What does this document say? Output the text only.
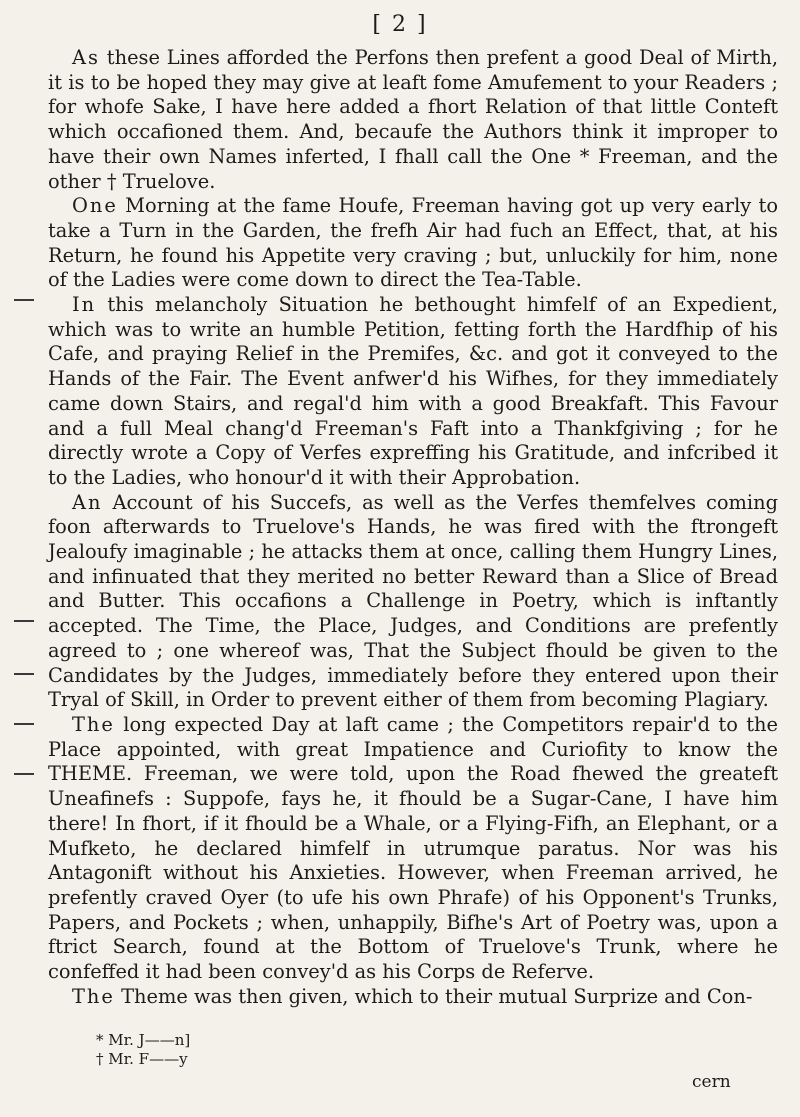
[ 2 ]

As these Lines afforded the Perfons then prefent a good Deal of Mirth, it is to be hoped they may give at leaft fome Amufement to your Readers ; for whofe Sake, I have here added a fhort Relation of that little Conteft which occafioned them. And, becaufe the Authors think it improper to have their own Names inferted, I fhall call the One * Freeman, and the other † Truelove.

One Morning at the fame Houfe, Freeman having got up very early to take a Turn in the Garden, the frefh Air had fuch an Effect, that, at his Return, he found his Appetite very craving ; but, unluckily for him, none of the Ladies were come down to direct the Tea-Table.

In this melancholy Situation he bethought himfelf of an Expedient, which was to write an humble Petition, fetting forth the Hardfhip of his Cafe, and praying Relief in the Premifes, &c. and got it conveyed to the Hands of the Fair. The Event anfwer'd his Wifhes, for they immediately came down Stairs, and regal'd him with a good Breakfaft. This Favour and a full Meal chang'd Freeman's Faft into a Thankfgiving ; for he directly wrote a Copy of Verfes expreffing his Gratitude, and infcribed it to the Ladies, who honour'd it with their Approbation.

An Account of his Succefs, as well as the Verfes themfelves coming foon afterwards to Truelove's Hands, he was fired with the ftrongeft Jealoufy imaginable ; he attacks them at once, calling them Hungry Lines, and infinuated that they merited no better Reward than a Slice of Bread and Butter. This occafions a Challenge in Poetry, which is inftantly accepted. The Time, the Place, Judges, and Conditions are prefently agreed to ; one whereof was, That the Subject fhould be given to the Candidates by the Judges, immediately before they entered upon their Tryal of Skill, in Order to prevent either of them from becoming Plagiary.

The long expected Day at laft came ; the Competitors repair'd to the Place appointed, with great Impatience and Curiofity to know the THEME. Freeman, we were told, upon the Road fhewed the greateft Uneafinefs : Suppofe, fays he, it fhould be a Sugar-Cane, I have him there! In fhort, if it fhould be a Whale, or a Flying-Fifh, an Elephant, or a Mufketo, he declared himfelf in utrumque paratus. Nor was his Antagonift without his Anxieties. However, when Freeman arrived, he prefently craved Oyer (to ufe his own Phrafe) of his Opponent's Trunks, Papers, and Pockets ; when, unhappily, Bifhe's Art of Poetry was, upon a ftrict Search, found at the Bottom of Truelove's Trunk, where he confeffed it had been convey'd as his Corps de Referve.

The Theme was then given, which to their mutual Surprize and Con-

* Mr. J——n]

† Mr. F——y

cern
